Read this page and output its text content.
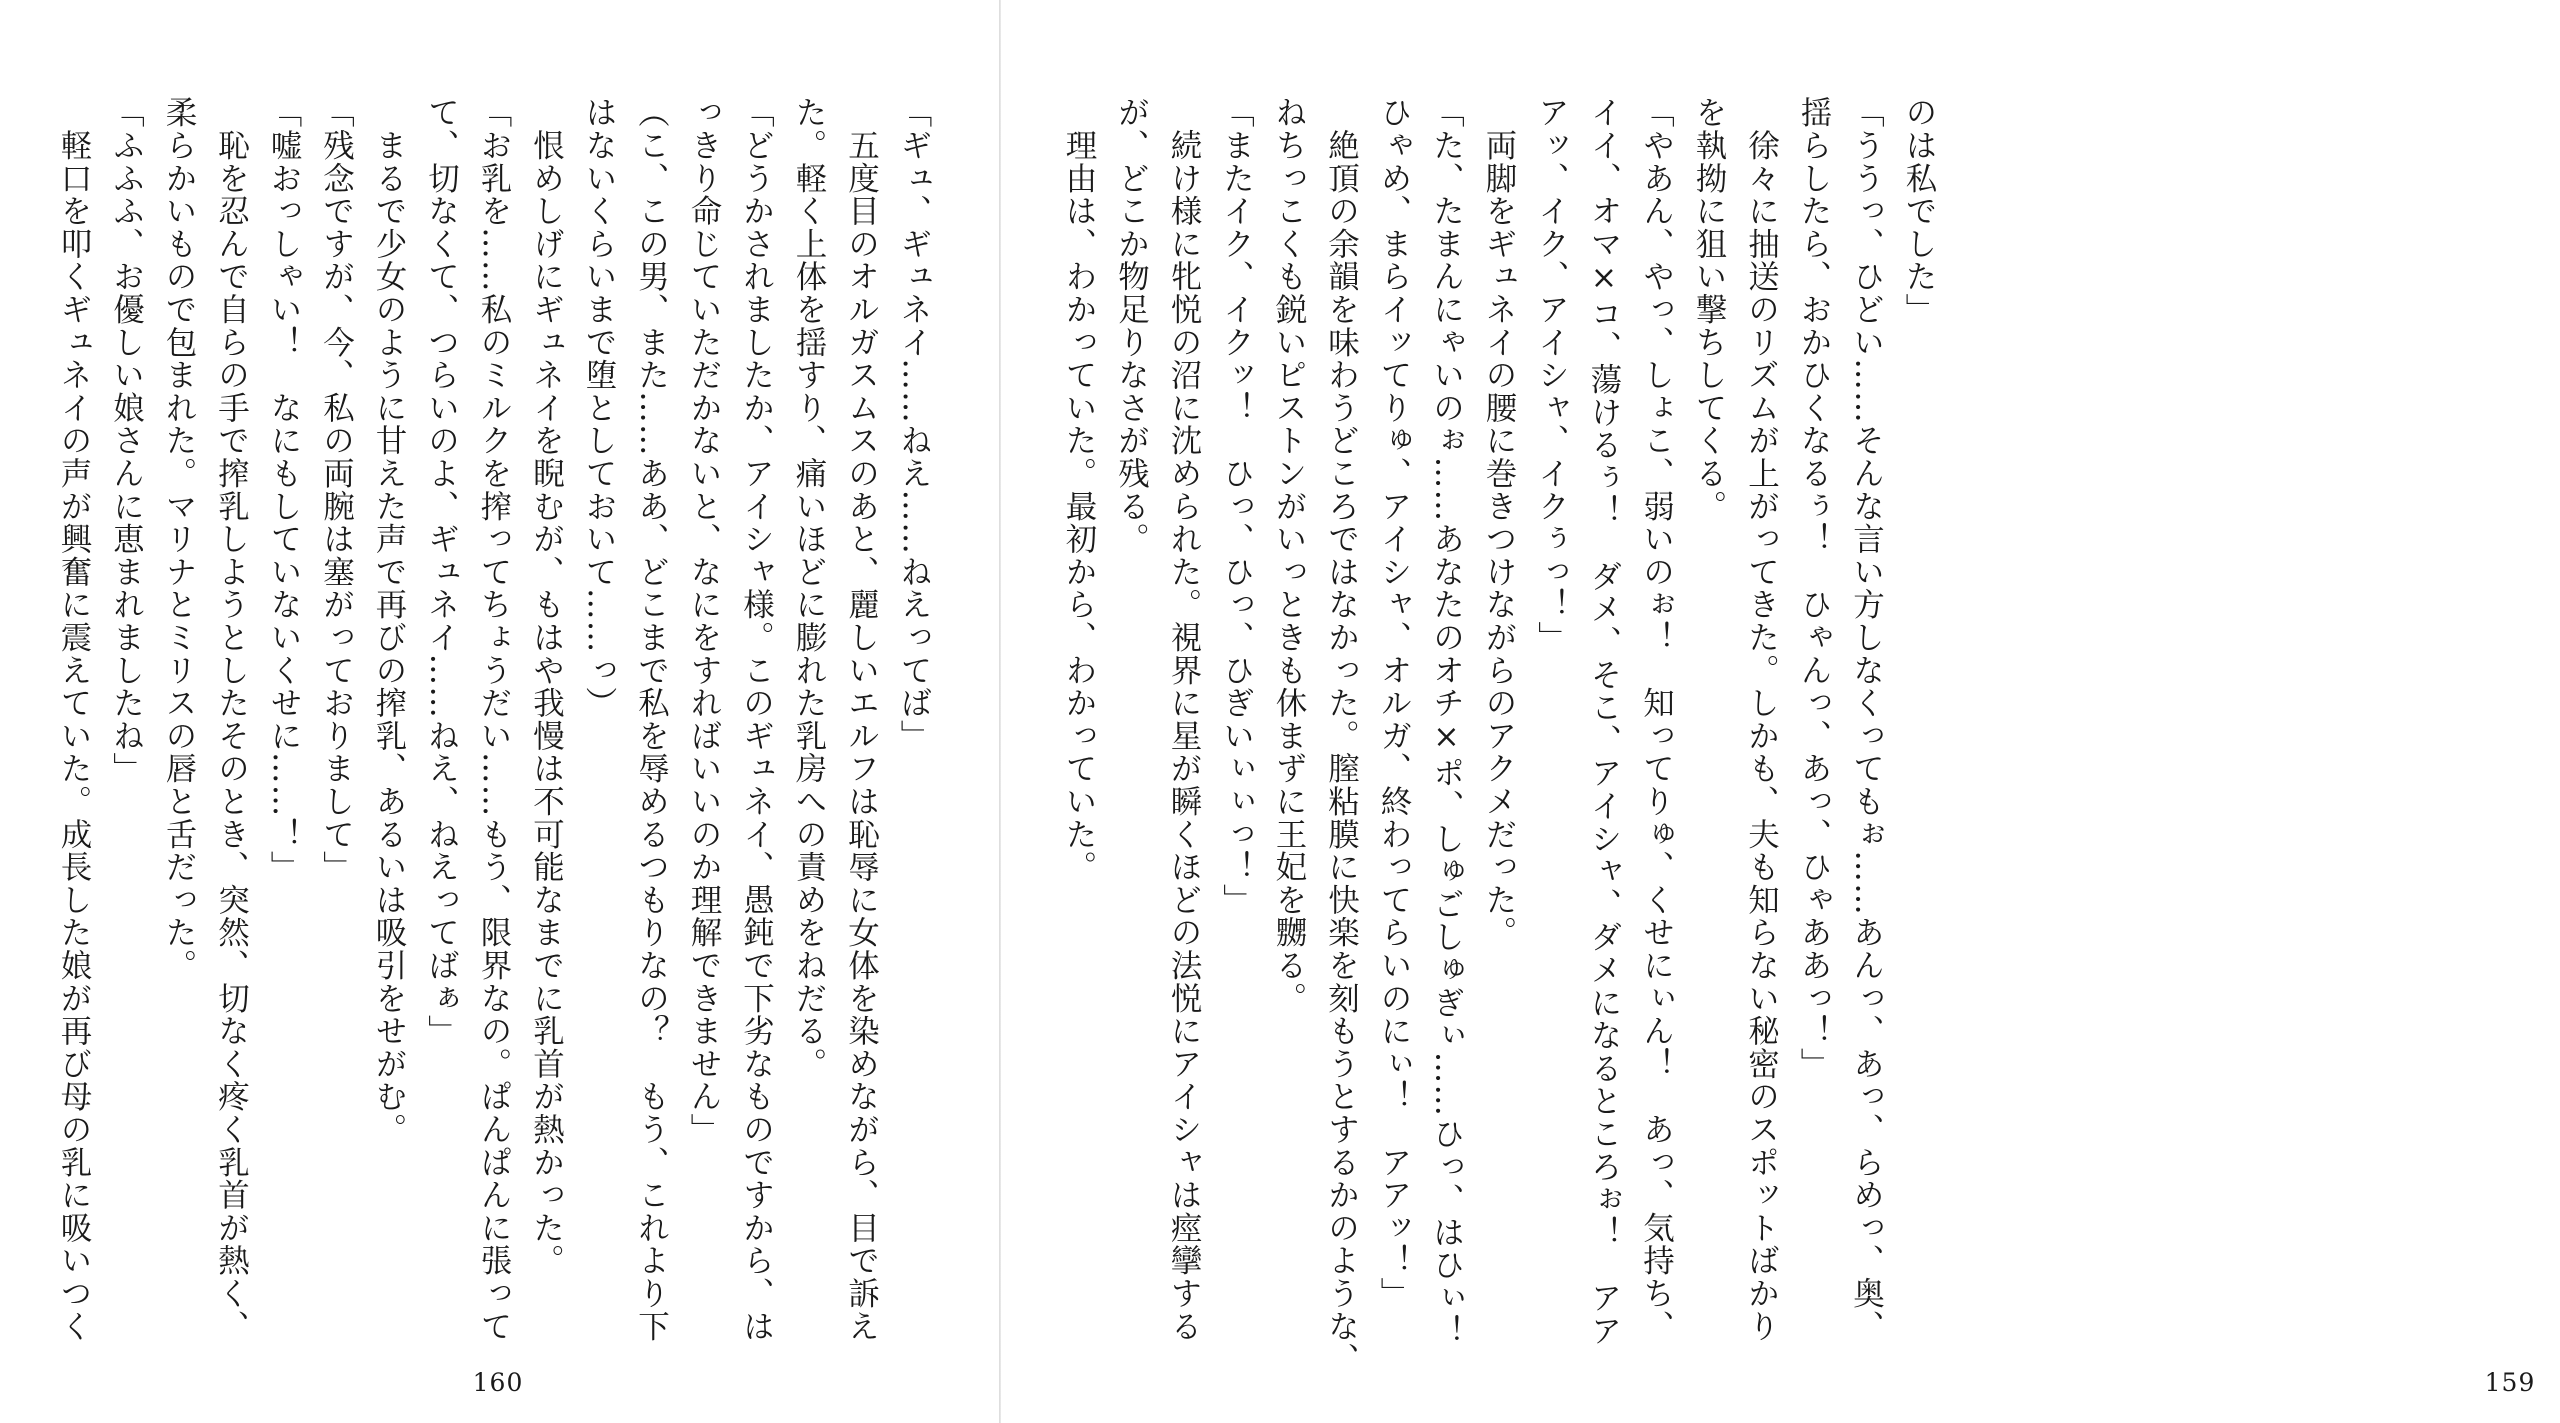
「ギュ、ギュネイ……ねえ……ねえってば」

　五度目のオルガスムスのあと、麗しいエルフは恥辱に女体を染めながら、目で訴え

た。軽く上体を揺すり、痛いほどに膨れた乳房への責めをねだる。

「どうかされましたか、アイシャ様。このギュネイ、愚鈍で下劣なものですから、は

っきり命じていただかないと、なにをすればいいのか理解できません」

（こ、この男、また……ああ、どこまで私を辱めるつもりなの？　もう、これより下

はないくらいまで堕としておいて……っ）

　恨めしげにギュネイを睨むが、もはや我慢は不可能なまでに乳首が熱かった。

「お乳を……私のミルクを搾ってちょうだい……もう、限界なの。ぱんぱんに張って

て、切なくて、つらいのよ、ギュネイ……ねえ、ねえってばぁ」

　まるで少女のように甘えた声で再びの搾乳、あるいは吸引をせがむ。

「残念ですが、今、私の両腕は塞がっておりまして」

「嘘おっしゃい！　なにもしていないくせに……！」

　恥を忍んで自らの手で搾乳しようとしたそのとき、突然、切なく疼く乳首が熱く、

柔らかいもので包まれた。マリナとミリスの唇と舌だった。

「ふふふ、お優しい娘さんに恵まれましたね」

　軽口を叩くギュネイの声が興奮に震えていた。成長した娘が再び母の乳に吸いつく

160

のは私でした」

「ううっ、ひどい……そんな言い方しなくってもぉ……あんっ、あっ、らめっ、奥、

揺らしたら、おかひくなるぅ！　ひゃんっ、あっ、ひゃああっ！」

　徐々に抽送のリズムが上がってきた。しかも、夫も知らない秘密のスポットばかり

を執拗に狙い撃ちしてくる。

「やあん、やっ、しょこ、弱いのぉ！　知ってりゅ、くせにぃん！　あっ、気持ち、

イイ、オマ×コ、蕩けるぅ！　ダメ、そこ、アイシャ、ダメになるところぉ！　アア

アッ、イク、アイシャ、イクぅっ！」

　両脚をギュネイの腰に巻きつけながらのアクメだった。

「た、たまんにゃいのぉ……あなたのオチ×ポ、しゅごしゅぎぃ……ひっ、はひぃ！

ひゃめ、まらイッてりゅ、アイシャ、オルガ、終わってらいのにぃ！　アアッ！」

　絶頂の余韻を味わうどころではなかった。膣粘膜に快楽を刻もうとするかのような、

ねちっこくも鋭いピストンがいっときも休まずに王妃を嬲る。

「またイク、イクッ！　ひっ、ひっ、ひぎいぃぃっ！」

　続け様に牝悦の沼に沈められた。視界に星が瞬くほどの法悦にアイシャは痙攣する

が、どこか物足りなさが残る。

　理由は、わかっていた。最初から、わかっていた。

159
